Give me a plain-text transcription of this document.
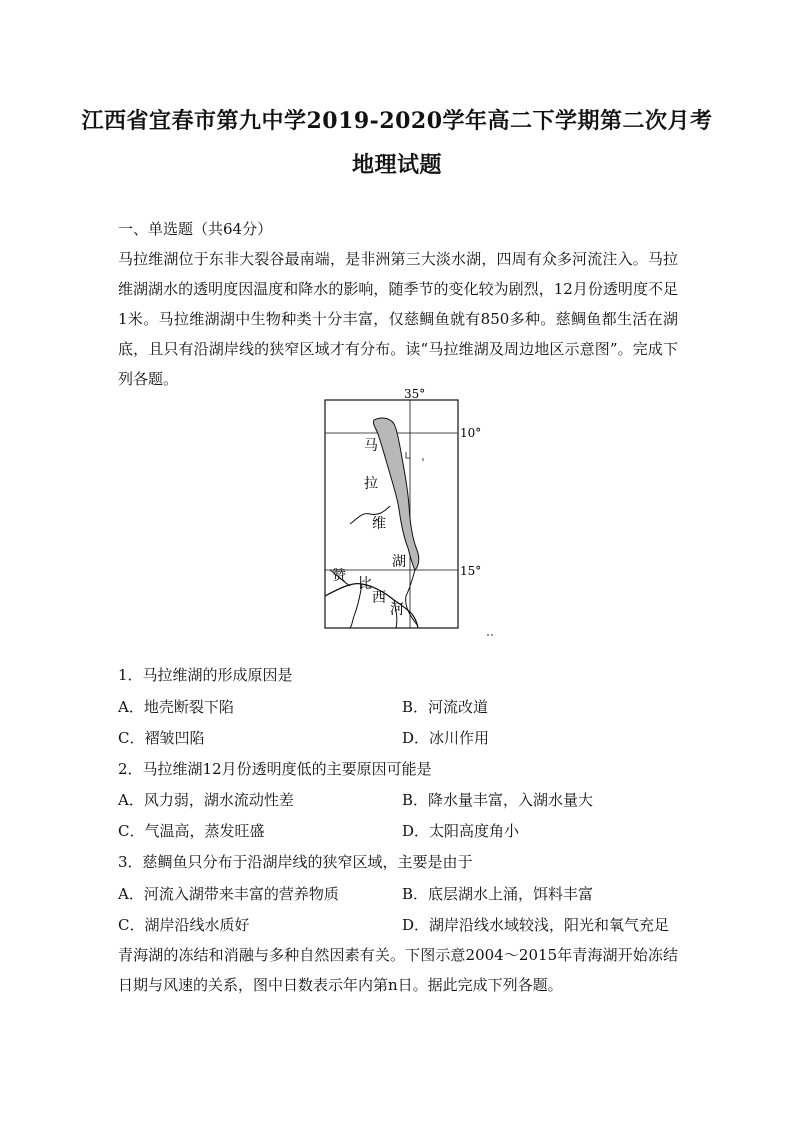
江西省宜春市第九中学2019-2020学年高二下学期第二次月考
地理试题
一、单选题（共64分）
马拉维湖位于东非大裂谷最南端，是非洲第三大淡水湖，四周有众多河流注入。马拉维湖湖水的透明度因温度和降水的影响，随季节的变化较为剧烈，12月份透明度不足1米。马拉维湖湖中生物种类十分丰富，仅慈鲷鱼就有850多种。慈鲷鱼都生活在湖底，且只有沿湖岸线的狭窄区域才有分布。读“马拉维湖及周边地区示意图”。完成下列各题。
35°
10°
15°
马
拉
维
湖
赞 比
西
河
1．马拉维湖的形成原因是
A．地壳断裂下陷	B．河流改道
C．褶皱凹陷	D．冰川作用
2．马拉维湖12月份透明度低的主要原因可能是
A．风力弱，湖水流动性差	B．降水量丰富，入湖水量大
C．气温高，蒸发旺盛	D．太阳高度角小
3．慈鲷鱼只分布于沿湖岸线的狭窄区域，主要是由于
A．河流入湖带来丰富的营养物质	B．底层湖水上涌，饵料丰富
C．湖岸沿线水质好	D．湖岸沿线水域较浅，阳光和氧气充足
青海湖的冻结和消融与多种自然因素有关。下图示意2004～2015年青海湖开始冻结日期与风速的关系，图中日数表示年内第n日。据此完成下列各题。
